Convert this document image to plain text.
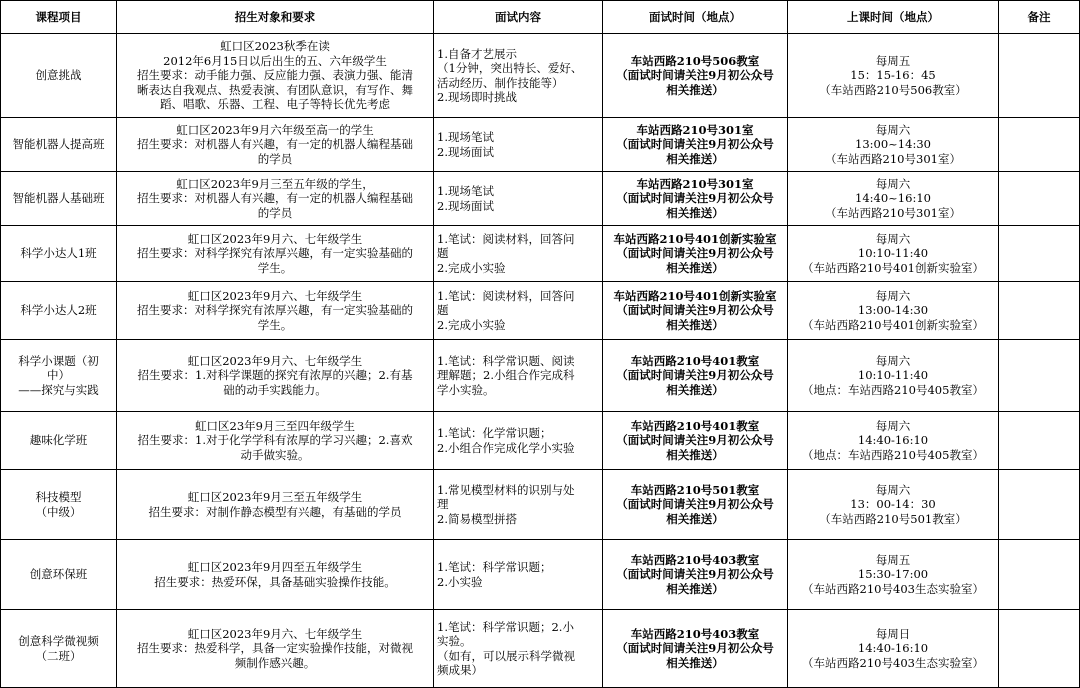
课程项目	招生对象和要求	面试内容	面试时间（地点）	上课时间（地点）	备注

创意挑战	虹口区2023秋季在读
2012年6月15日以后出生的五、六年级学生
招生要求：动手能力强、反应能力强、表演力强、能清
晰表达自我观点、热爱表演、有团队意识，有写作、舞
蹈、唱歌、乐器、工程、电子等特长优先考虑	1.自备才艺展示
（1分钟，突出特长、爱好、
活动经历、制作技能等）
2.现场即时挑战	车站西路210号506教室
（面试时间请关注9月初公众号
相关推送）	每周五
15：15-16：45
（车站西路210号506教室）	

智能机器人提高班	虹口区2023年9月六年级至高一的学生
招生要求：对机器人有兴趣，有一定的机器人编程基础
的学员	1.现场笔试
2.现场面试	车站西路210号301室
（面试时间请关注9月初公众号
相关推送）	每周六
13:00~14:30
（车站西路210号301室）	

智能机器人基础班	虹口区2023年9月三至五年级的学生，
招生要求：对机器人有兴趣，有一定的机器人编程基础
的学员	1.现场笔试
2.现场面试	车站西路210号301室
（面试时间请关注9月初公众号
相关推送）	每周六
14:40~16:10
（车站西路210号301室）	

科学小达人1班	虹口区2023年9月六、七年级学生
招生要求：对科学探究有浓厚兴趣，有一定实验基础的
学生。	1.笔试：阅读材料，回答问
题
2.完成小实验	车站西路210号401创新实验室
（面试时间请关注9月初公众号
相关推送）	每周六
10:10-11:40
（车站西路210号401创新实验室）	

科学小达人2班	虹口区2023年9月六、七年级学生
招生要求：对科学探究有浓厚兴趣，有一定实验基础的
学生。	1.笔试：阅读材料，回答问
题
2.完成小实验	车站西路210号401创新实验室
（面试时间请关注9月初公众号
相关推送）	每周六
13:00-14:30
（车站西路210号401创新实验室）	

科学小课题（初
中）
——探究与实践	虹口区2023年9月六、七年级学生
招生要求：1.对科学课题的探究有浓厚的兴趣；2.有基
础的动手实践能力。	1.笔试：科学常识题、阅读
理解题；2.小组合作完成科
学小实验。	车站西路210号401教室
（面试时间请关注9月初公众号
相关推送）	每周六
10:10-11:40
（地点：车站西路210号405教室）	

趣味化学班	虹口区23年9月三至四年级学生
招生要求：1.对于化学学科有浓厚的学习兴趣；2.喜欢
动手做实验。	1.笔试：化学常识题；
2.小组合作完成化学小实验	车站西路210号401教室
（面试时间请关注9月初公众号
相关推送）	每周六
14:40-16:10
（地点：车站西路210号405教室）	

科技模型
（中级）	虹口区2023年9月三至五年级学生
招生要求：对制作静态模型有兴趣，有基础的学员	1.常见模型材料的识别与处
理
2.简易模型拼搭	车站西路210号501教室
（面试时间请关注9月初公众号
相关推送）	每周六
13：00-14：30
（车站西路210号501教室）	

创意环保班	虹口区2023年9月四至五年级学生
招生要求：热爱环保，具备基础实验操作技能。	1.笔试：科学常识题；
2.小实验	车站西路210号403教室
（面试时间请关注9月初公众号
相关推送）	每周五
15:30-17:00
（车站西路210号403生态实验室）	

创意科学微视频
（二班）	虹口区2023年9月六、七年级学生
招生要求：热爱科学，具备一定实验操作技能，对微视
频制作感兴趣。	1.笔试：科学常识题；2.小
实验。
（如有，可以展示科学微视
频成果）	车站西路210号403教室
（面试时间请关注9月初公众号
相关推送）	每周日
14:40-16:10
（车站西路210号403生态实验室）	
